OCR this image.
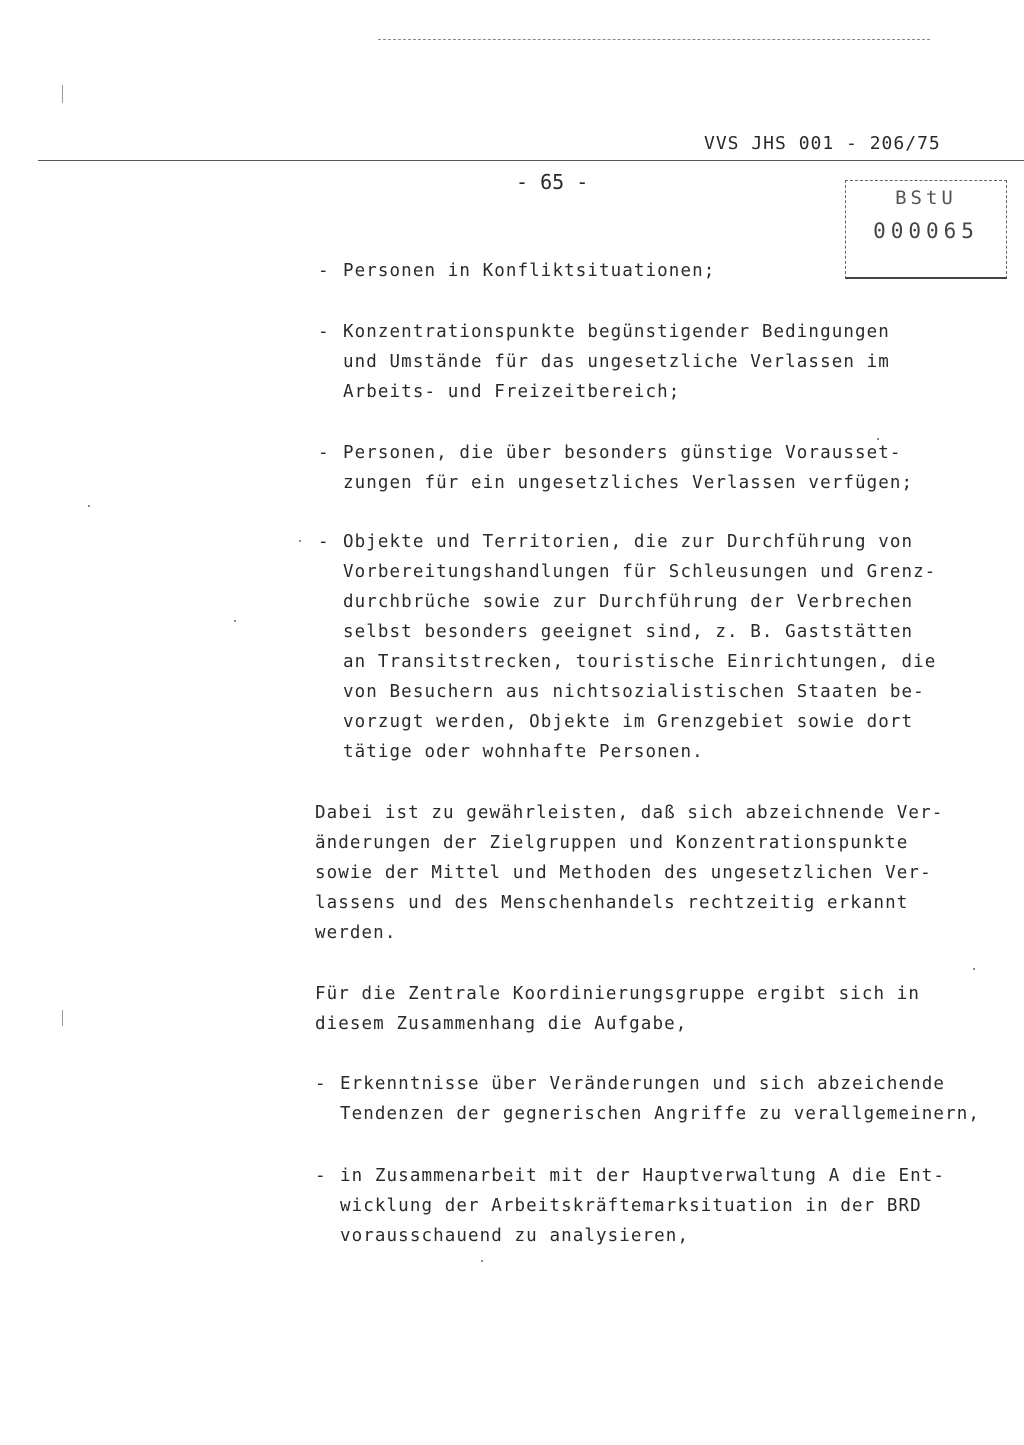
VVS JHS 001 - 206/75
- 65 -
BStU
000065
- Personen in Konfliktsituationen;
- Konzentrationspunkte begünstigender Bedingungen
und Umstände für das ungesetzliche Verlassen im
Arbeits- und Freizeitbereich;
- Personen, die über besonders günstige Vorausset-
zungen für ein ungesetzliches Verlassen verfügen;
- Objekte und Territorien, die zur Durchführung von
Vorbereitungshandlungen für Schleusungen und Grenz-
durchbrüche sowie zur Durchführung der Verbrechen
selbst besonders geeignet sind, z. B. Gaststätten
an Transitstrecken, touristische Einrichtungen, die
von Besuchern aus nichtsozialistischen Staaten be-
vorzugt werden, Objekte im Grenzgebiet sowie dort
tätige oder wohnhafte Personen.
Dabei ist zu gewährleisten, daß sich abzeichnende Ver-
änderungen der Zielgruppen und Konzentrationspunkte
sowie der Mittel und Methoden des ungesetzlichen Ver-
lassens und des Menschenhandels rechtzeitig erkannt
werden.
Für die Zentrale Koordinierungsgruppe ergibt sich in
diesem Zusammenhang die Aufgabe,
- Erkenntnisse über Veränderungen und sich abzeichende
Tendenzen der gegnerischen Angriffe zu verallgemeinern,
- in Zusammenarbeit mit der Hauptverwaltung A die Ent-
wicklung der Arbeitskräftemarksituation in der BRD
vorausschauend zu analysieren,
